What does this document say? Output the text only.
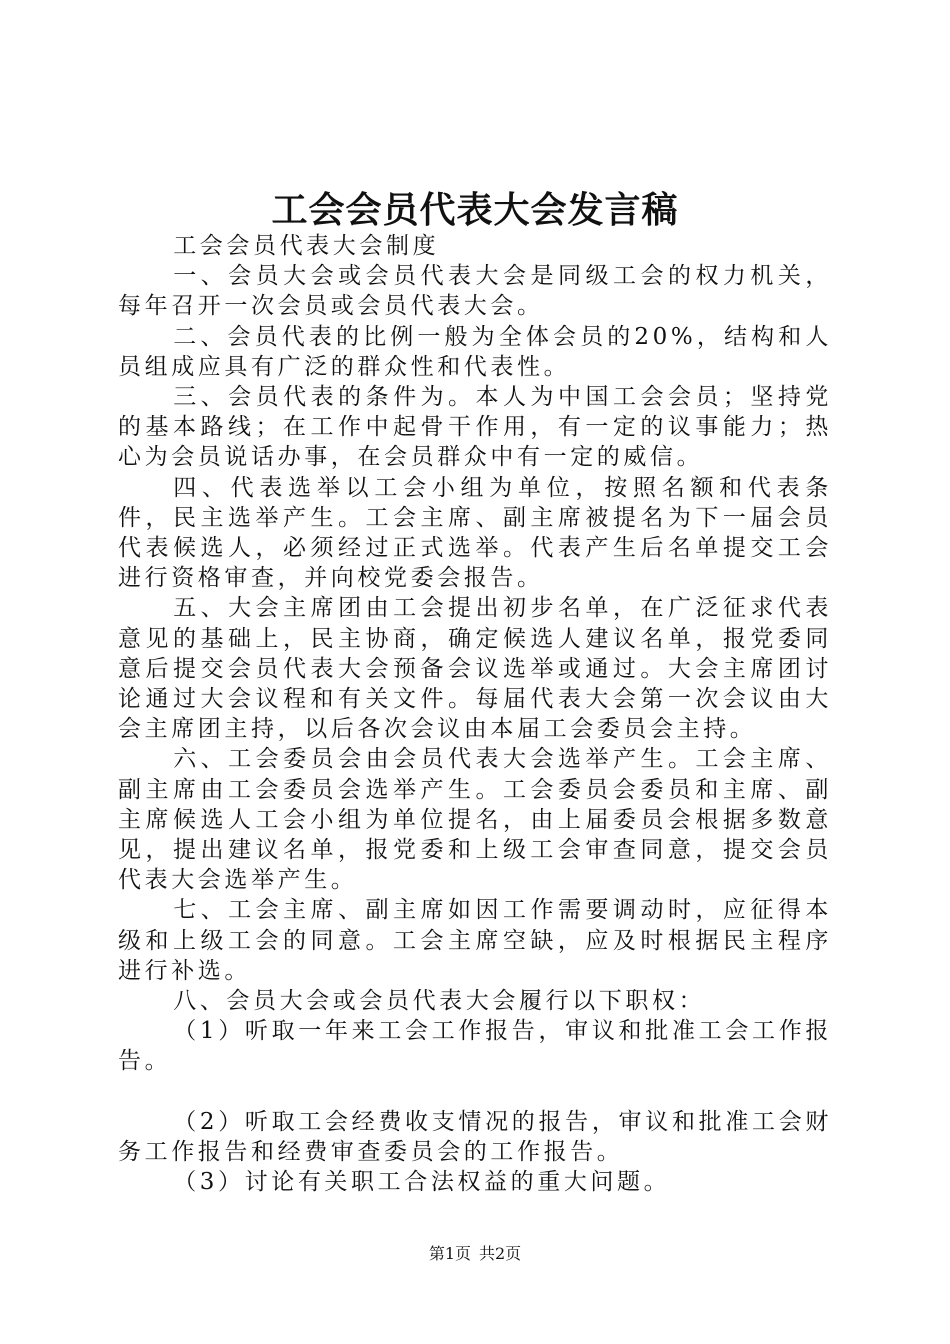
工会会员代表大会发言稿

工会会员代表大会制度

一、会员大会或会员代表大会是同级工会的权力机关，每年召开一次会员或会员代表大会。

二、会员代表的比例一般为全体会员的20%，结构和人员组成应具有广泛的群众性和代表性。

三、会员代表的条件为。本人为中国工会会员；坚持党的基本路线；在工作中起骨干作用，有一定的议事能力；热心为会员说话办事，在会员群众中有一定的威信。

四、代表选举以工会小组为单位，按照名额和代表条件，民主选举产生。工会主席、副主席被提名为下一届会员代表候选人，必须经过正式选举。代表产生后名单提交工会进行资格审查，并向校党委会报告。

五、大会主席团由工会提出初步名单，在广泛征求代表意见的基础上，民主协商，确定候选人建议名单，报党委同意后提交会员代表大会预备会议选举或通过。大会主席团讨论通过大会议程和有关文件。每届代表大会第一次会议由大会主席团主持，以后各次会议由本届工会委员会主持。

六、工会委员会由会员代表大会选举产生。工会主席、副主席由工会委员会选举产生。工会委员会委员和主席、副主席候选人工会小组为单位提名，由上届委员会根据多数意见，提出建议名单，报党委和上级工会审查同意，提交会员代表大会选举产生。

七、工会主席、副主席如因工作需要调动时，应征得本级和上级工会的同意。工会主席空缺，应及时根据民主程序进行补选。

八、会员大会或会员代表大会履行以下职权：

（1）听取一年来工会工作报告，审议和批准工会工作报告。

（2）听取工会经费收支情况的报告，审议和批准工会财务工作报告和经费审查委员会的工作报告。

（3）讨论有关职工合法权益的重大问题。

第1页 共2页
